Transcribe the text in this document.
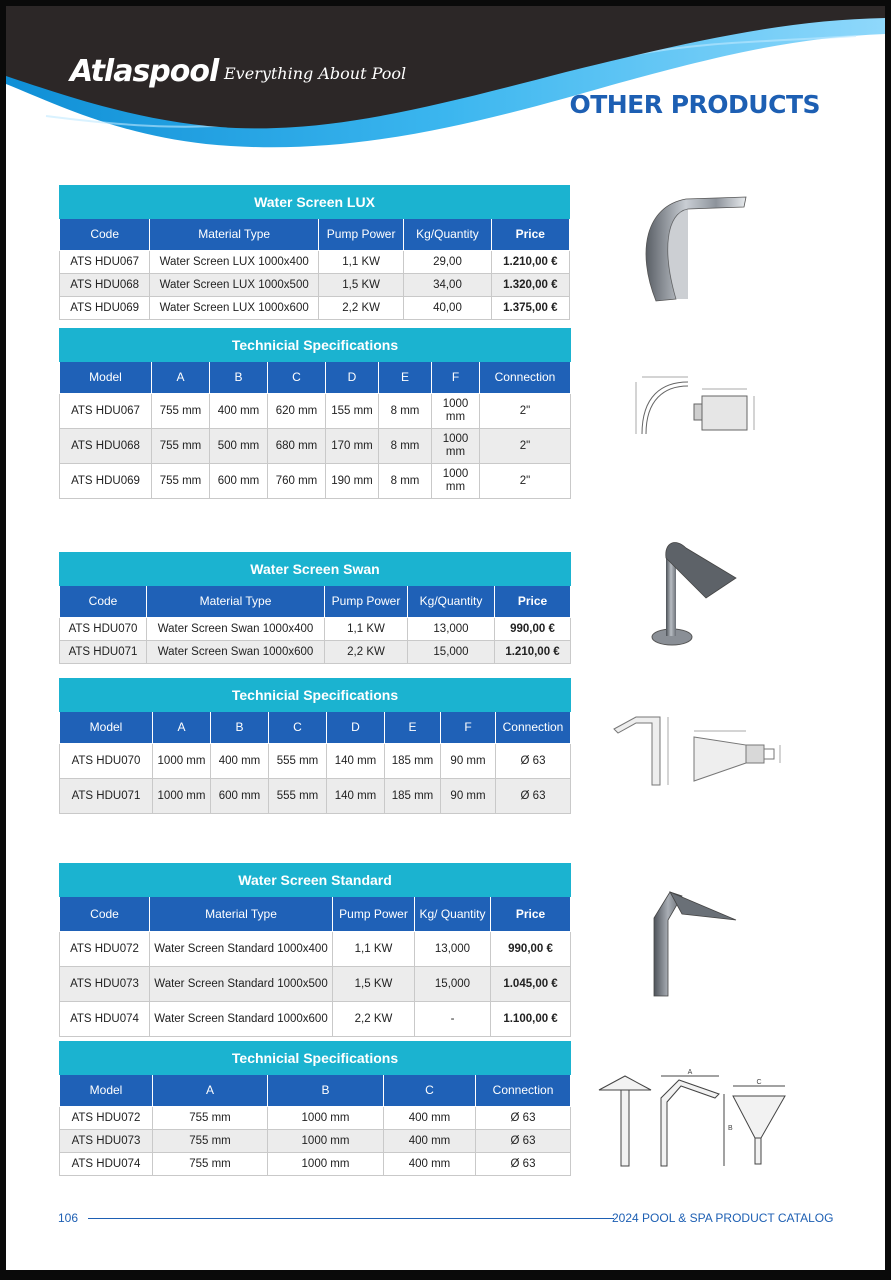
Atlaspool Everything About Pool
OTHER PRODUCTS
Water Screen LUX				
Code	Material Type	Pump Power	Kg/Quantity	Price
ATS HDU067	Water Screen LUX 1000x400	1,1 KW	29,00	1.210,00 €
ATS HDU068	Water Screen LUX 1000x500	1,5 KW	34,00	1.320,00 €
ATS HDU069	Water Screen LUX 1000x600	2,2 KW	40,00	1.375,00 €
Technicial Specifications							
Model	A	B	C	D	E	F	Connection
ATS HDU067	755 mm	400 mm	620 mm	155 mm	8 mm	1000 mm	2"
ATS HDU068	755 mm	500 mm	680 mm	170 mm	8 mm	1000 mm	2"
ATS HDU069	755 mm	600 mm	760 mm	190 mm	8 mm	1000 mm	2"
Water Screen Swan				
Code	Material Type	Pump Power	Kg/Quantity	Price
ATS HDU070	Water Screen Swan 1000x400	1,1 KW	13,000	990,00 €
ATS HDU071	Water Screen Swan 1000x600	2,2 KW	15,000	1.210,00 €
Technicial Specifications							
Model	A	B	C	D	E	F	Connection
ATS HDU070	1000 mm	400 mm	555 mm	140 mm	185 mm	90 mm	Ø 63
ATS HDU071	1000 mm	600 mm	555 mm	140 mm	185 mm	90 mm	Ø 63
Water Screen Standard				
Code	Material Type	Pump Power	Kg/ Quantity	Price
ATS HDU072	Water Screen Standard 1000x400	1,1 KW	13,000	990,00 €
ATS HDU073	Water Screen Standard 1000x500	1,5 KW	15,000	1.045,00 €
ATS HDU074	Water Screen Standard 1000x600	2,2 KW	-	1.100,00 €
Technicial Specifications				
Model	A	B	C	Connection
ATS HDU072	755 mm	1000 mm	400 mm	Ø 63
ATS HDU073	755 mm	1000 mm	400 mm	Ø 63
ATS HDU074	755 mm	1000 mm	400 mm	Ø 63
A
B
C
106	2024 POOL & SPA PRODUCT CATALOG
